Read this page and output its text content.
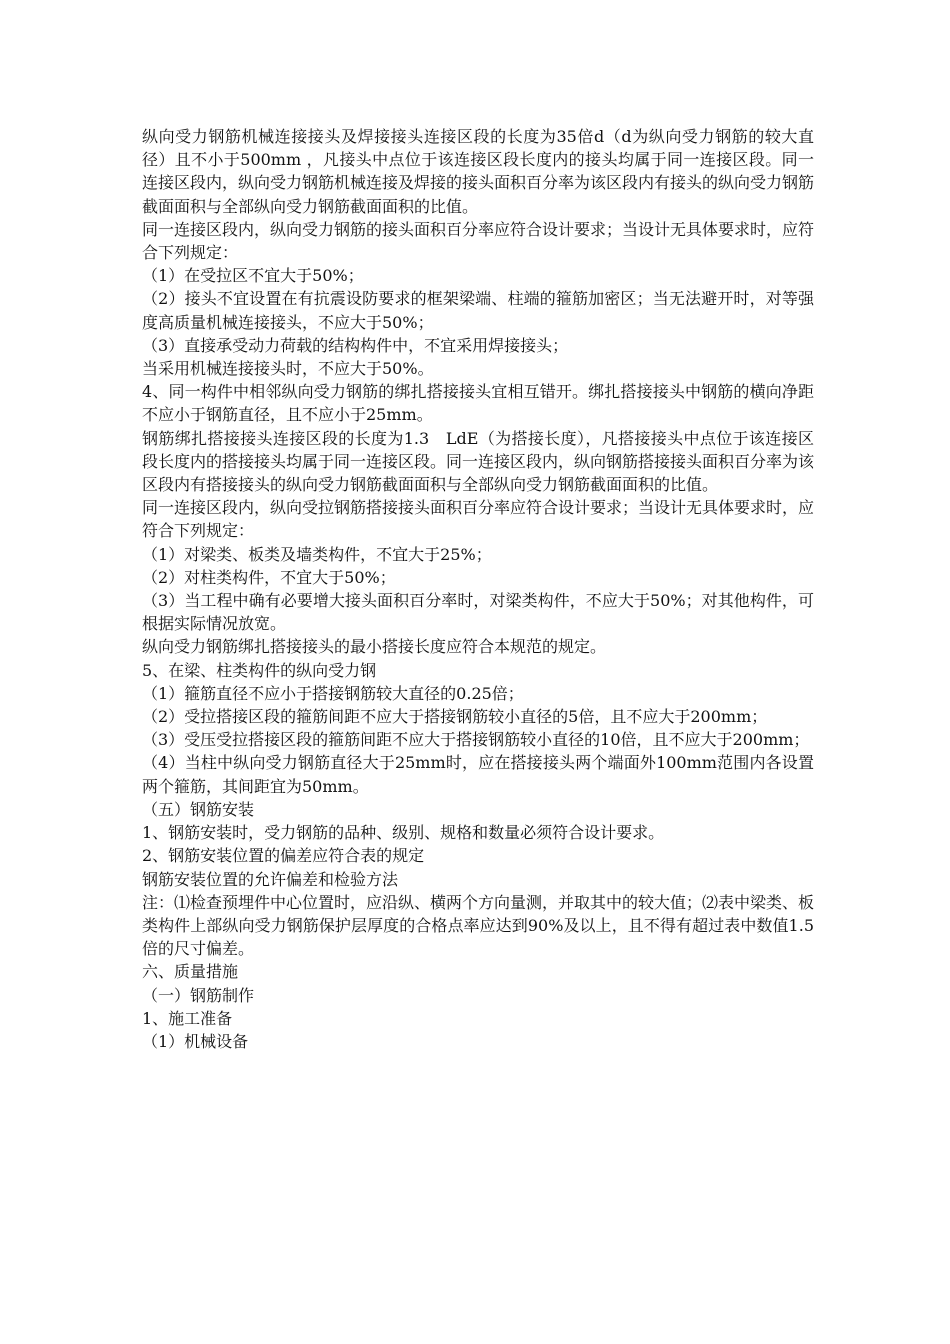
纵向受力钢筋机械连接接头及焊接接头连接区段的长度为35倍d（d为纵向受力钢筋的较大直径）且不小于500mm ，凡接头中点位于该连接区段长度内的接头均属于同一连接区段。同一连接区段内，纵向受力钢筋机械连接及焊接的接头面积百分率为该区段内有接头的纵向受力钢筋截面面积与全部纵向受力钢筋截面面积的比值。

同一连接区段内，纵向受力钢筋的接头面积百分率应符合设计要求；当设计无具体要求时，应符合下列规定：

（1）在受拉区不宜大于50%；

（2）接头不宜设置在有抗震设防要求的框架梁端、柱端的箍筋加密区；当无法避开时，对等强度高质量机械连接接头，不应大于50%；

（3）直接承受动力荷载的结构构件中，不宜采用焊接接头；

当采用机械连接接头时，不应大于50%。

4、同一构件中相邻纵向受力钢筋的绑扎搭接接头宜相互错开。绑扎搭接接头中钢筋的横向净距不应小于钢筋直径，且不应小于25mm。

钢筋绑扎搭接接头连接区段的长度为1.3　LdE（为搭接长度），凡搭接接头中点位于该连接区段长度内的搭接接头均属于同一连接区段。同一连接区段内，纵向钢筋搭接接头面积百分率为该区段内有搭接接头的纵向受力钢筋截面面积与全部纵向受力钢筋截面面积的比值。

同一连接区段内，纵向受拉钢筋搭接接头面积百分率应符合设计要求；当设计无具体要求时，应符合下列规定：

（1）对梁类、板类及墙类构件，不宜大于25%；

（2）对柱类构件，不宜大于50%；

（3）当工程中确有必要增大接头面积百分率时，对梁类构件，不应大于50%；对其他构件，可根据实际情况放宽。

纵向受力钢筋绑扎搭接接头的最小搭接长度应符合本规范的规定。

5、在梁、柱类构件的纵向受力钢

（1）箍筋直径不应小于搭接钢筋较大直径的0.25倍；

（2）受拉搭接区段的箍筋间距不应大于搭接钢筋较小直径的5倍，且不应大于200mm；

（3）受压受拉搭接区段的箍筋间距不应大于搭接钢筋较小直径的10倍，且不应大于200mm；

（4）当柱中纵向受力钢筋直径大于25mm时，应在搭接接头两个端面外100mm范围内各设置两个箍筋，其间距宜为50mm。

（五）钢筋安装

1、钢筋安装时，受力钢筋的品种、级别、规格和数量必须符合设计要求。

2、钢筋安装位置的偏差应符合表的规定

钢筋安装位置的允许偏差和检验方法

注：⑴检查预埋件中心位置时，应沿纵、横两个方向量测，并取其中的较大值；⑵表中梁类、板类构件上部纵向受力钢筋保护层厚度的合格点率应达到90%及以上，且不得有超过表中数值1.5倍的尺寸偏差。

六、质量措施

（一）钢筋制作

1、施工准备

（1）机械设备
